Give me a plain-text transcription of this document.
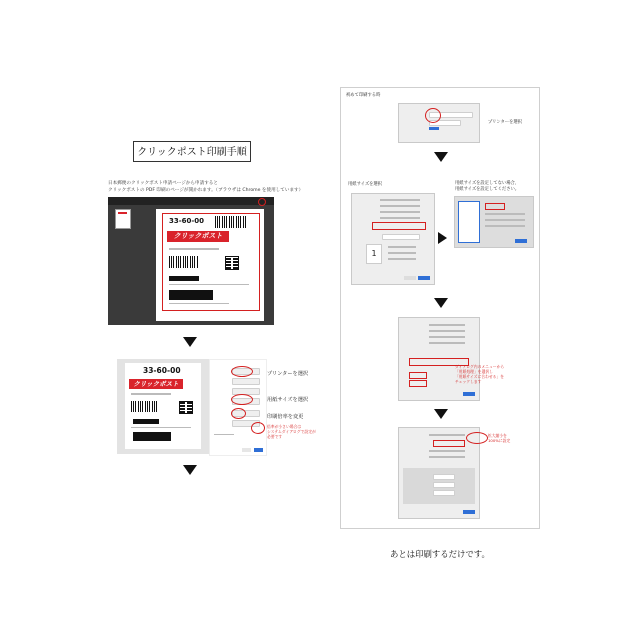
クリックポスト印刷手順
日本郵便のクリックポスト申請ページから申請すると
クリックポストの PDF 印刷のページが開かれます。（ブラウザは Chrome を使用しています）
33-60-00
クリックポスト
33-60-00
クリックポスト
プリンターを選択
用紙サイズを選択
印刷倍率を変更
倍率が小さい場合は
システムダイアログで設定が
必要です
初めて印刷する時
プリンターを選択
用紙サイズを選択	用紙サイズを設定してない場合、
用紙サイズを設定してください。
1
ダイアログ内のメニューから
「用紙処理」を選択し
「用紙サイズに合わせる」を
チェックします
拡大縮小を
100%に設定
あとは印刷するだけです。
